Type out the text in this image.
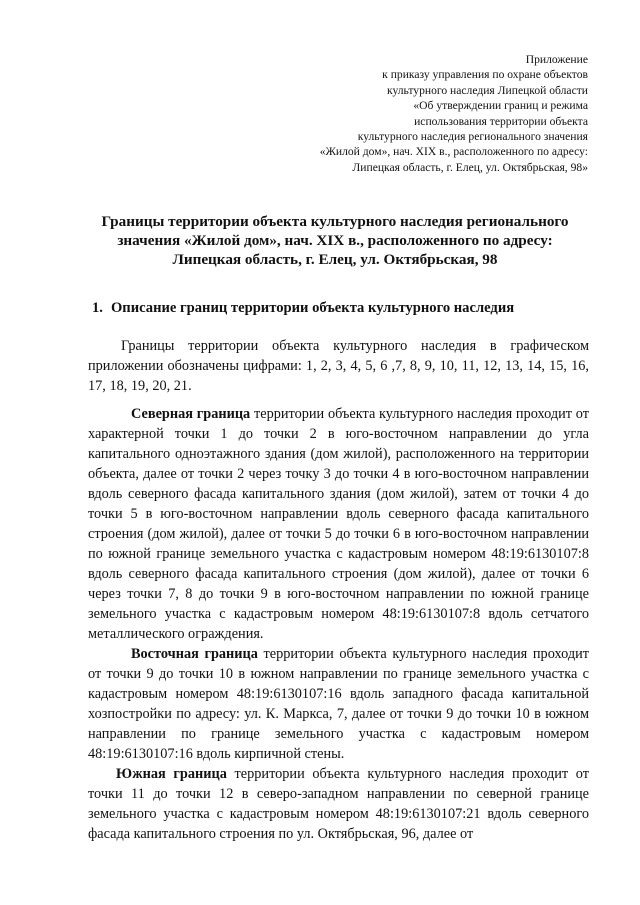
Приложение
к приказу управления по охране объектов
культурного наследия Липецкой области
«Об утверждении границ и режима
использования территории объекта
культурного наследия регионального значения
«Жилой дом», нач. XIX в., расположенного по адресу:
Липецкая область, г. Елец, ул. Октябрьская, 98»
Границы территории объекта культурного наследия регионального
значения «Жилой дом», нач. XIX в., расположенного по адресу:
Липецкая область, г. Елец, ул. Октябрьская, 98
1. Описание границ территории объекта культурного наследия

Границы территории объекта культурного наследия в графическом приложении обозначены цифрами: 1, 2, 3, 4, 5, 6 ,7, 8, 9, 10, 11, 12, 13, 14, 15, 16, 17, 18, 19, 20, 21.

Северная граница территории объекта культурного наследия проходит от характерной точки 1 до точки 2 в юго-восточном направлении до угла капитального одноэтажного здания (дом жилой), расположенного на территории объекта, далее от точки 2 через точку 3 до точки 4 в юго-восточном направлении вдоль северного фасада капитального здания (дом жилой), затем от точки 4 до точки 5 в юго-восточном направлении вдоль северного фасада капитального строения (дом жилой), далее от точки 5 до точки 6 в юго-восточном направлении по южной границе земельного участка с кадастровым номером 48:19:6130107:8 вдоль северного фасада капитального строения (дом жилой), далее от точки 6 через точки 7, 8 до точки 9 в юго-восточном направлении по южной границе земельного участка с кадастровым номером 48:19:6130107:8 вдоль сетчатого металлического ограждения.

Восточная граница территории объекта культурного наследия проходит от точки 9 до точки 10 в южном направлении по границе земельного участка с кадастровым номером 48:19:6130107:16 вдоль западного фасада капитальной хозпостройки по адресу: ул. К. Маркса, 7, далее от точки 9 до точки 10 в южном направлении по границе земельного участка с кадастровым номером 48:19:6130107:16 вдоль кирпичной стены.

Южная граница территории объекта культурного наследия проходит от точки 11 до точки 12 в северо-западном направлении по северной границе земельного участка с кадастровым номером 48:19:6130107:21 вдоль северного фасада капитального строения по ул. Октябрьская, 96, далее от
